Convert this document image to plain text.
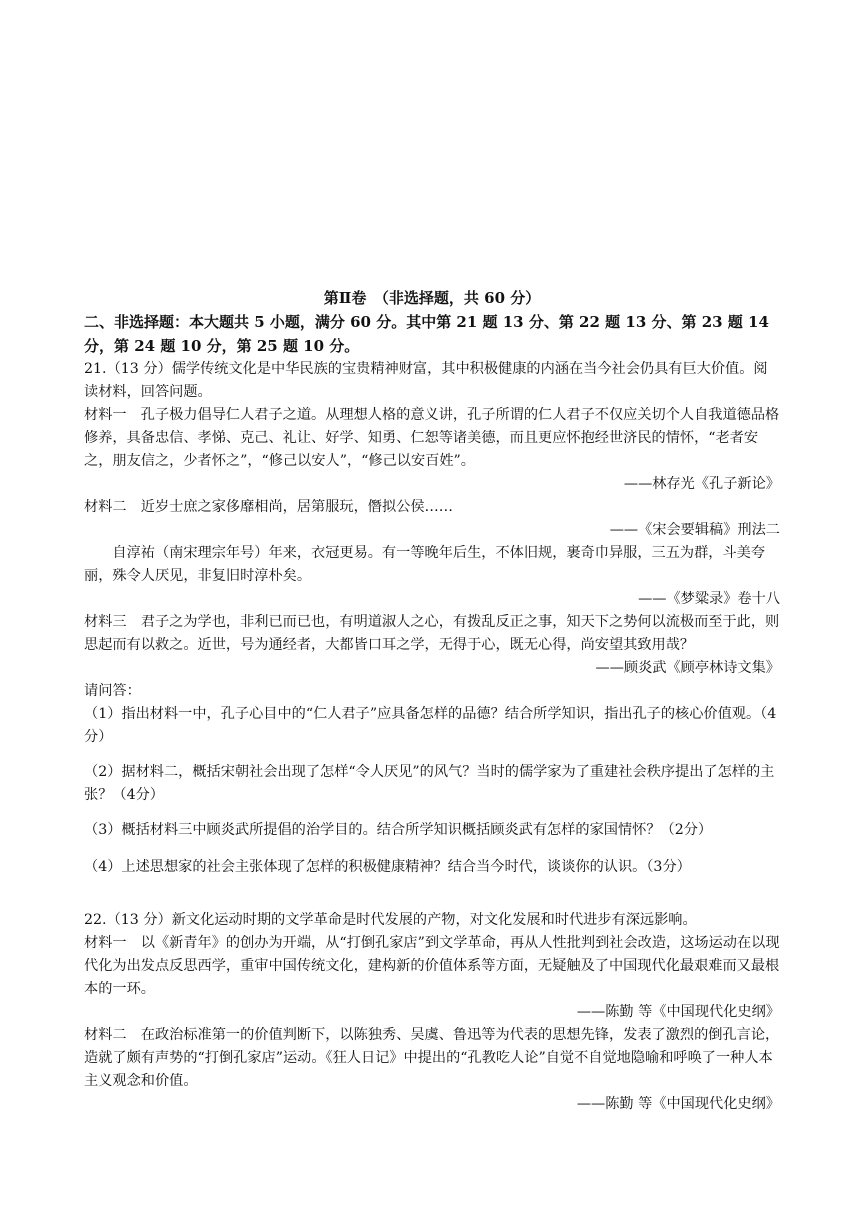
第Ⅱ卷　（非选择题，共 60 分）

二、非选择题：本大题共 5 小题，满分 60 分。其中第 21 题 13 分、第 22 题 13 分、第 23 题 14 分，第 24 题 10 分，第 25 题 10 分。

21.（13 分）儒学传统文化是中华民族的宝贵精神财富，其中积极健康的内涵在当今社会仍具有巨大价值。阅读材料，回答问题。

材料一  孔子极力倡导仁人君子之道。从理想人格的意义讲，孔子所谓的仁人君子不仅应关切个人自我道德品格修养，具备忠信、孝悌、克己、礼让、好学、知勇、仁恕等诸美德，而且更应怀抱经世济民的情怀，“老者安之，朋友信之，少者怀之”，“修己以安人”，“修己以安百姓”。

——林存光《孔子新论》

材料二  近岁士庶之家侈靡相尚，居第服玩，僭拟公侯……

——《宋会要辑稿》刑法二

自淳祐（南宋理宗年号）年来，衣冠更易。有一等晚年后生，不体旧规，裹奇巾异服，三五为群，斗美夸丽，殊令人厌见，非复旧时淳朴矣。

——《梦粱录》卷十八

材料三  君子之为学也，非利已而已也，有明道淑人之心，有拨乱反正之事，知天下之势何以流极而至于此，则思起而有以救之。近世，号为通经者，大都皆口耳之学，无得于心，既无心得，尚安望其致用哉？

——顾炎武《顾亭林诗文集》

请问答：

（1）指出材料一中，孔子心目中的“仁人君子”应具备怎样的品德？结合所学知识，指出孔子的核心价值观。（4分）

（2）据材料二，概括宋朝社会出现了怎样“令人厌见”的风气？当时的儒学家为了重建社会秩序提出了怎样的主张？（4分）

（3）概括材料三中顾炎武所提倡的治学目的。结合所学知识概括顾炎武有怎样的家国情怀？（2分）

（4）上述思想家的社会主张体现了怎样的积极健康精神？结合当今时代，谈谈你的认识。（3分）

22.（13 分）新文化运动时期的文学革命是时代发展的产物，对文化发展和时代进步有深远影响。

材料一  以《新青年》的创办为开端，从“打倒孔家店”到文学革命，再从人性批判到社会改造，这场运动在以现代化为出发点反思西学，重审中国传统文化，建构新的价值体系等方面，无疑触及了中国现代化最艰难而又最根本的一环。

——陈勤 等《中国现代化史纲》

材料二  在政治标准第一的价值判断下，以陈独秀、吴虞、鲁迅等为代表的思想先锋，发表了激烈的倒孔言论，造就了颇有声势的“打倒孔家店”运动。《狂人日记》中提出的“孔教吃人论”自觉不自觉地隐喻和呼唤了一种人本主义观念和价值。

——陈勤 等《中国现代化史纲》
